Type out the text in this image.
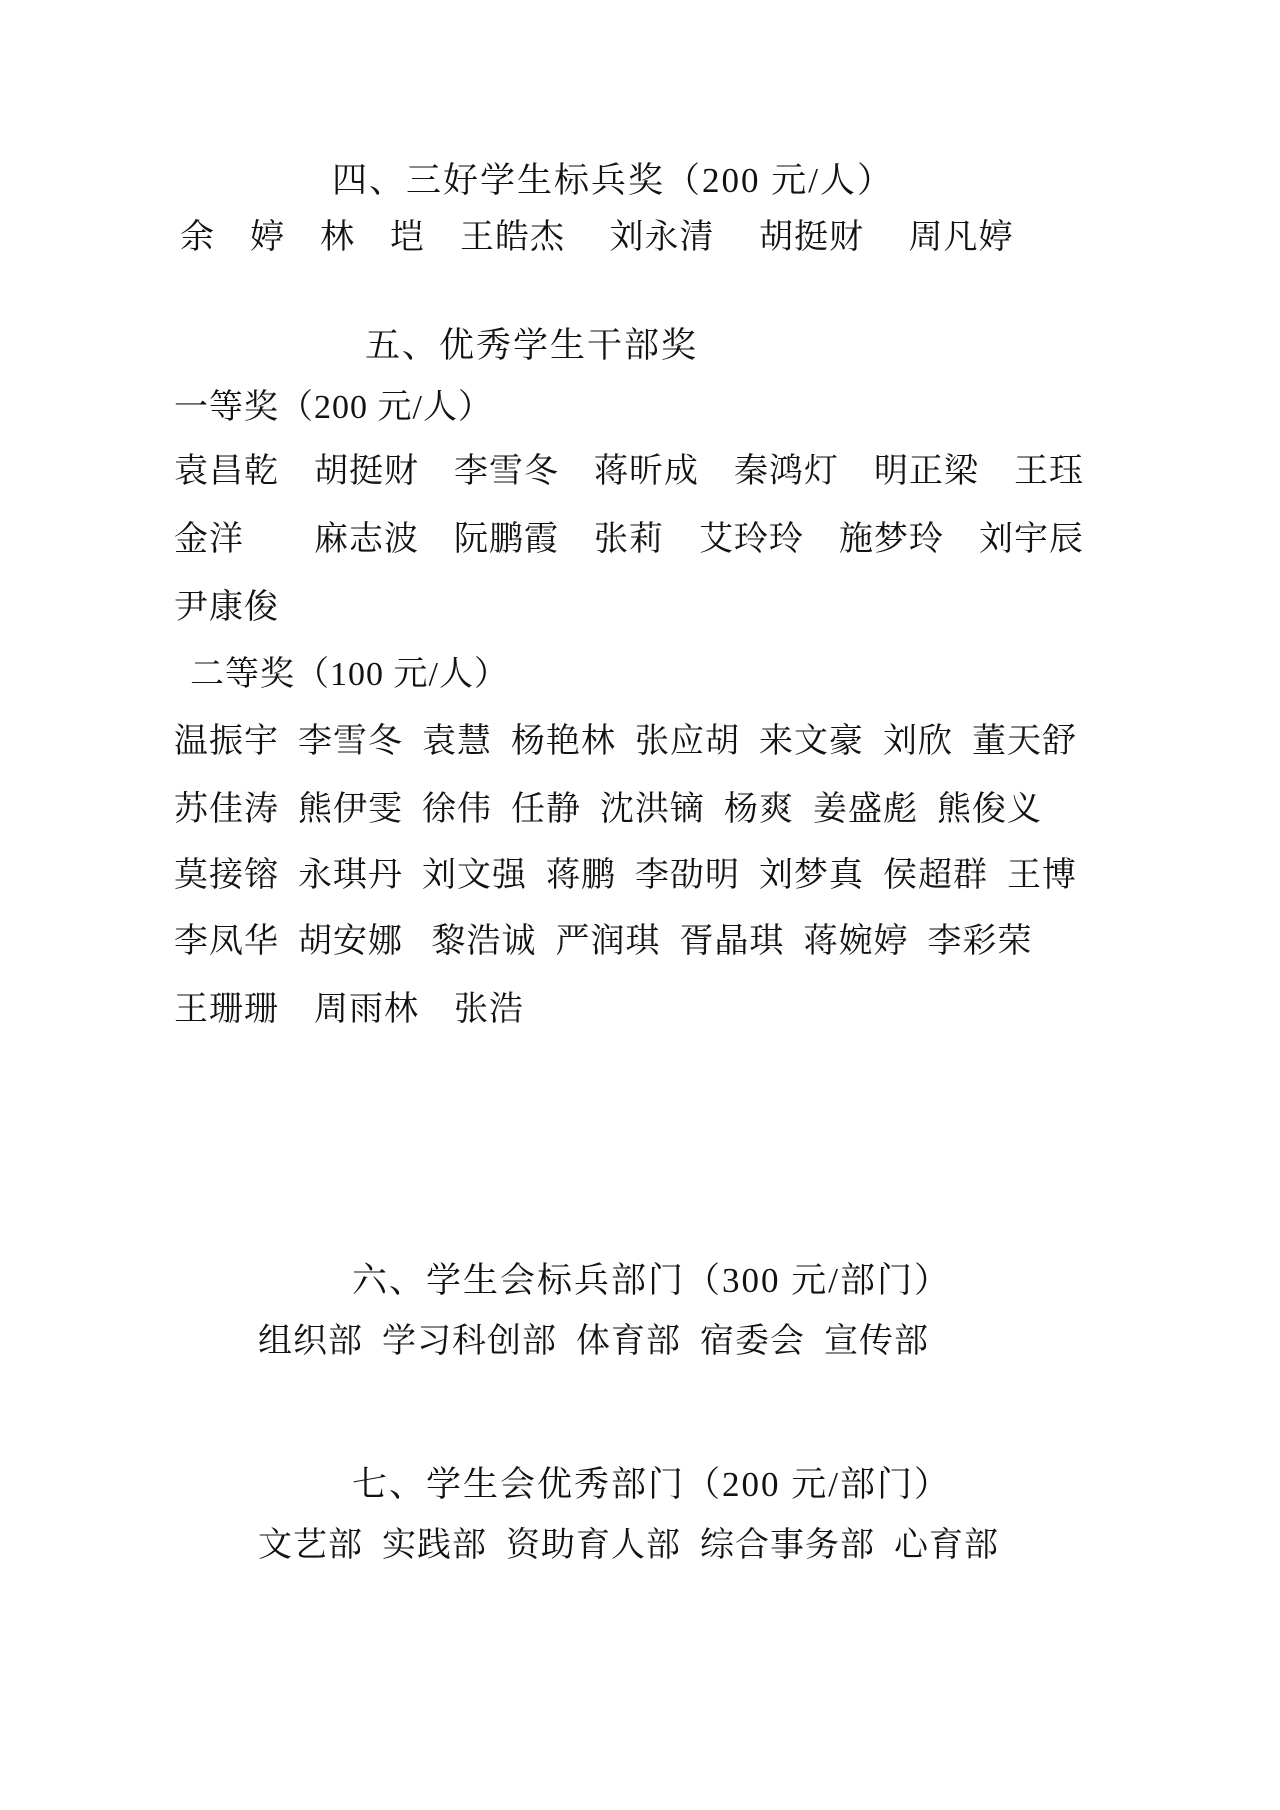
四、三好学生标兵奖（200 元/人）
余　婷　林　垲　王皓杰　 刘永清　 胡挺财　 周凡婷
五、优秀学生干部奖
一等奖（200 元/人）
袁昌乾　胡挺财　李雪冬　蒋昕成　秦鸿灯　明正梁　王珏
金洋　　麻志波　阮鹏霞　张莉　艾玲玲　施梦玲　刘宇辰
尹康俊
二等奖（100 元/人）
温振宇  李雪冬  袁慧  杨艳林  张应胡  来文豪  刘欣  董天舒
苏佳涛  熊伊雯  徐伟  任静  沈洪镝  杨爽  姜盛彪  熊俊义
莫接镕  永琪丹  刘文强  蒋鹏  李劭明  刘梦真  侯超群  王博
李凤华  胡安娜   黎浩诚  严润琪  胥晶琪  蒋婉婷  李彩荣
王珊珊　周雨林　张浩
六、学生会标兵部门（300 元/部门）
组织部  学习科创部  体育部  宿委会  宣传部
七、学生会优秀部门（200 元/部门）
文艺部  实践部  资助育人部  综合事务部  心育部
